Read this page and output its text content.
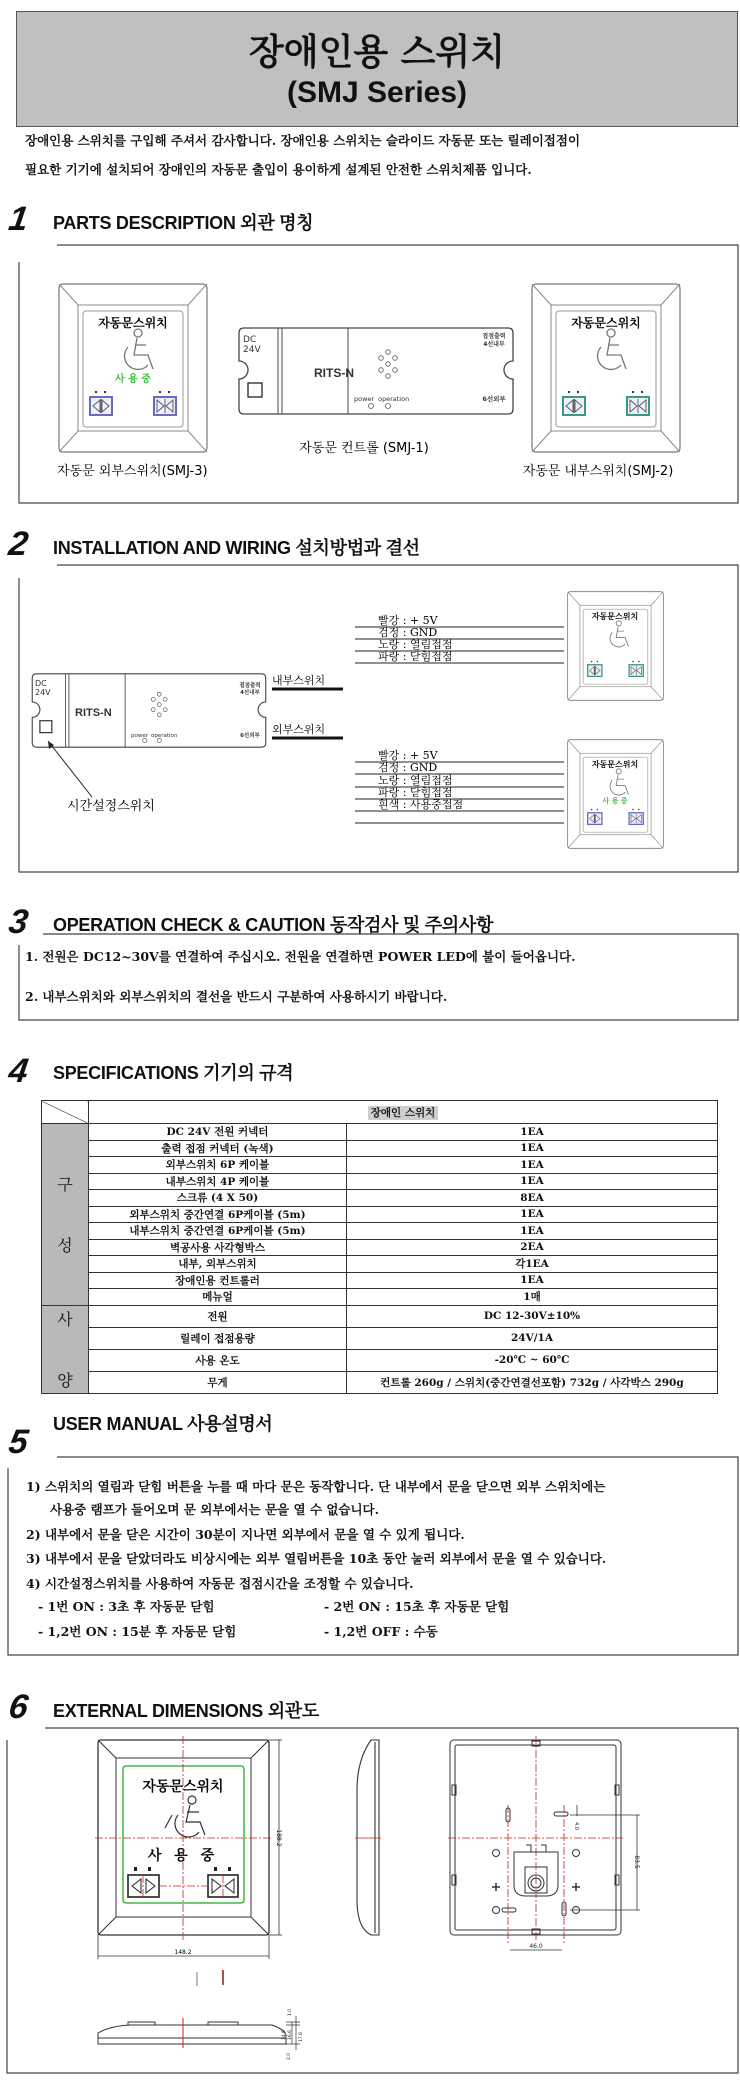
장애인용 스위치
(SMJ Series)
장애인용 스위치를 구입해 주셔서 감사합니다. 장애인용 스위치는 슬라이드 자동문 또는 릴레이접점이
필요한 기기에 설치되어 장애인의 자동문 출입이 용이하게 설계된 안전한 스위치제품 입니다.
1 PARTS DESCRIPTION 외관 명칭
2 INSTALLATION AND WIRING 설치방법과 결선
3 OPERATION CHECK & CAUTION 동작검사 및 주의사항
4 SPECIFICATIONS 기기의 규격
5 USER MANUAL 사용설명서
6 EXTERNAL DIMENSIONS 외관도
자동문스위치
사 용 중
DC
24V
RITS-N
power operation
접점출력
4선내부
6선외부
자동문스위치
자동문 외부스위치(SMJ-3)
자동문 컨트롤 (SMJ-1)
자동문 내부스위치(SMJ-2)
DC
24V
RITS-N
power operation
접점출력
4선내부
6선외부
내부스위치
외부스위치
시간설정스위치
빨강 : + 5V
검정 : GND
노랑 : 열림접점
파랑 : 닫힘접점
빨강 : + 5V
검정 : GND
노랑 : 열림접점
파랑 : 닫힘접점
흰색 : 사용중접점
자동문스위치
자동문스위치
사 용 중
자동문스위치
사 용 중
148.2
188.2
46.0
83.5
4.0
1.0
14.6 16.6 17.6
2.0
1. 전원은 DC12~30V를 연결하여 주십시오. 전원을 연결하면 POWER LED에 불이 들어옵니다.
2. 내부스위치와 외부스위치의 결선을 반드시 구분하여 사용하시기 바랍니다.
	장애인 스위치	
구

성	DC 24V 전원 커넥터	1EA
	출력 접점 커넥터 (녹색)	1EA
	외부스위치 6P 케이블	1EA
	내부스위치 4P 케이블	1EA
	스크류 (4 X 50)	8EA
	외부스위치 중간연결 6P케이블 (5m)	1EA
	내부스위치 중간연결 6P케이블 (5m)	1EA
	벽공사용 사각형박스	2EA
	내부, 외부스위치	각1EA
	장애인용 컨트롤러	1EA
	메뉴얼	1매
사

양	전원	DC 12-30V±10%
	릴레이 접점용량	24V/1A
	사용 온도	-20℃ ~ 60℃
	무게	컨트롤 260g / 스위치(중간연결선포함) 732g / 사각박스 290g
1) 스위치의 열림과 닫힘 버튼을 누를 때 마다 문은 동작합니다. 단 내부에서 문을 닫으면 외부 스위치에는
사용중 램프가 들어오며 문 외부에서는 문을 열 수 없습니다.
2) 내부에서 문을 닫은 시간이 30분이 지나면 외부에서 문을 열 수 있게 됩니다.
3) 내부에서 문을 닫았더라도 비상시에는 외부 열림버튼을 10초 동안 눌러 외부에서 문을 열 수 있습니다.
4) 시간설정스위치를 사용하여 자동문 접점시간을 조정할 수 있습니다.
- 1번 ON : 3초 후 자동문 닫힘	- 2번 ON : 15초 후 자동문 닫힘
- 1,2번 ON : 15분 후 자동문 닫힘	- 1,2번 OFF : 수동
